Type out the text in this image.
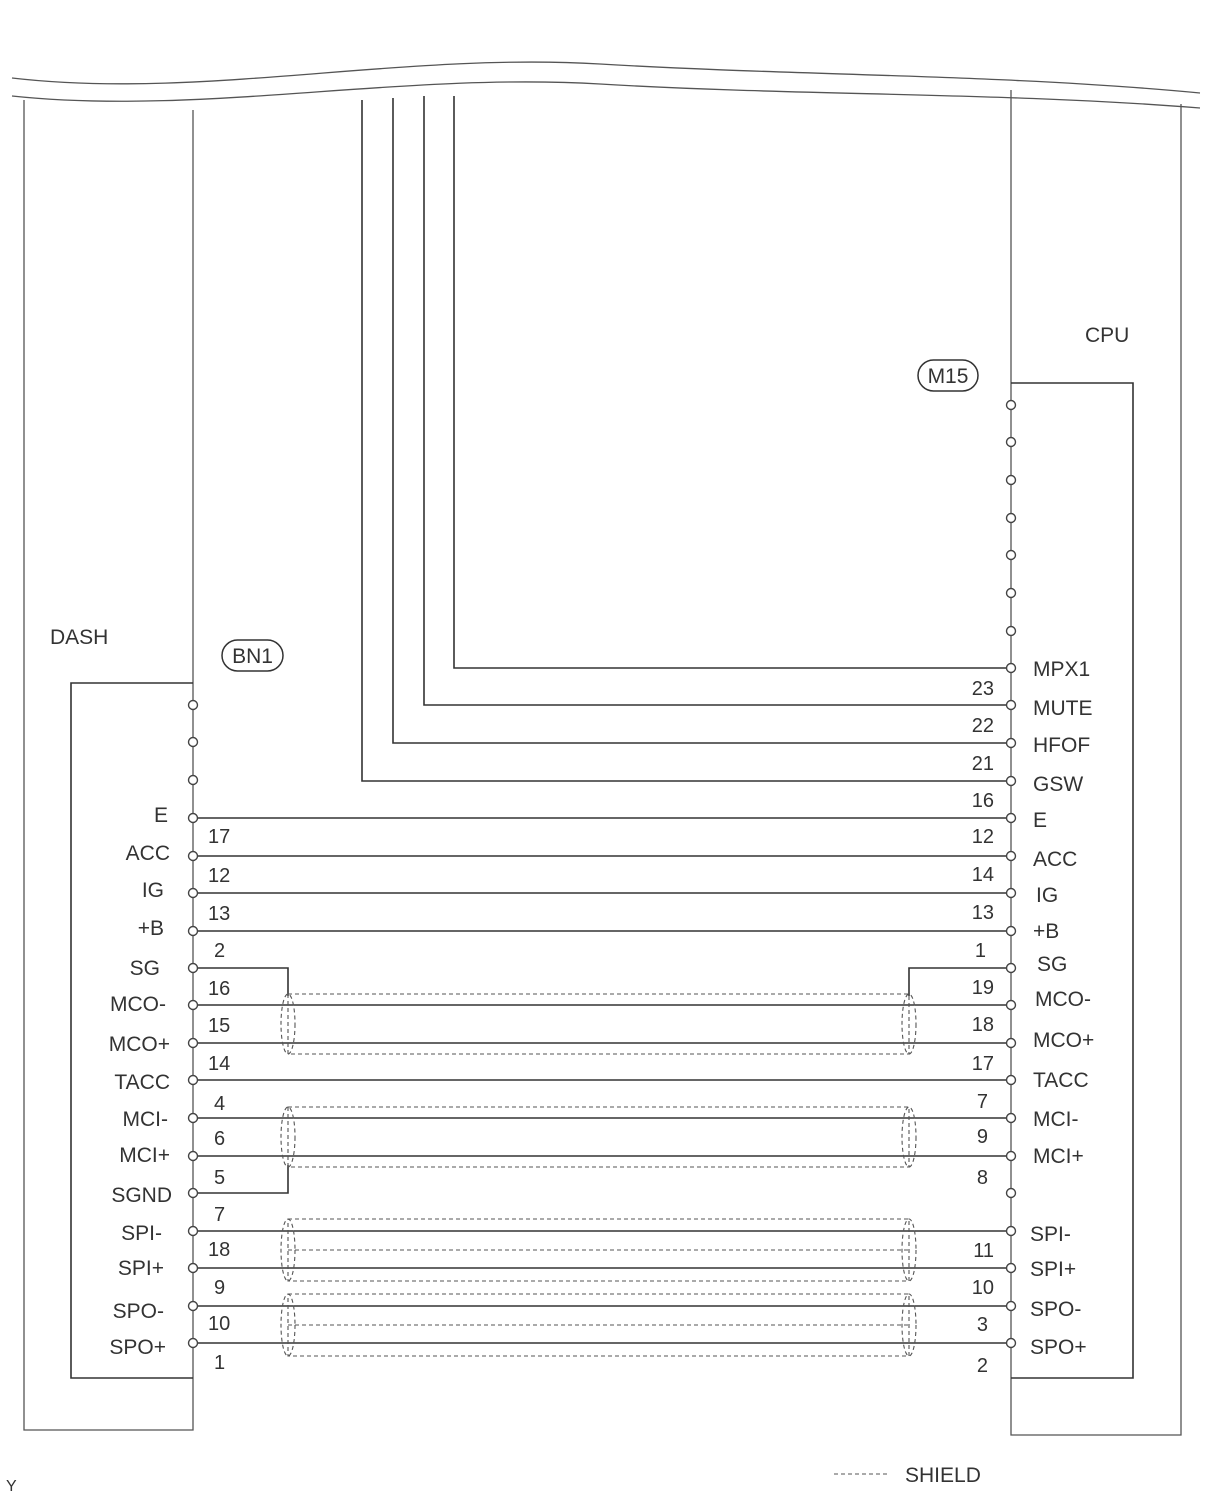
DASH
CPU
BN1
M15
E
ACC
IG
+B
SG
MCO-
MCO+
TACC
MCI-
MCI+
SGND
SPI-
SPI+
SPO-
SPO+
17
12
13
2
16
15
14
4
6
5
7
18
9
10
1
23
22
21
16
12
14
13
1
19
18
17
7
9
8
11
10
3
2
MPX1
MUTE
HFOF
GSW
E
ACC
IG
+B
SG
MCO-
MCO+
TACC
MCI-
MCI+
SPI-
SPI+
SPO-
SPO+
SHIELD
Y
